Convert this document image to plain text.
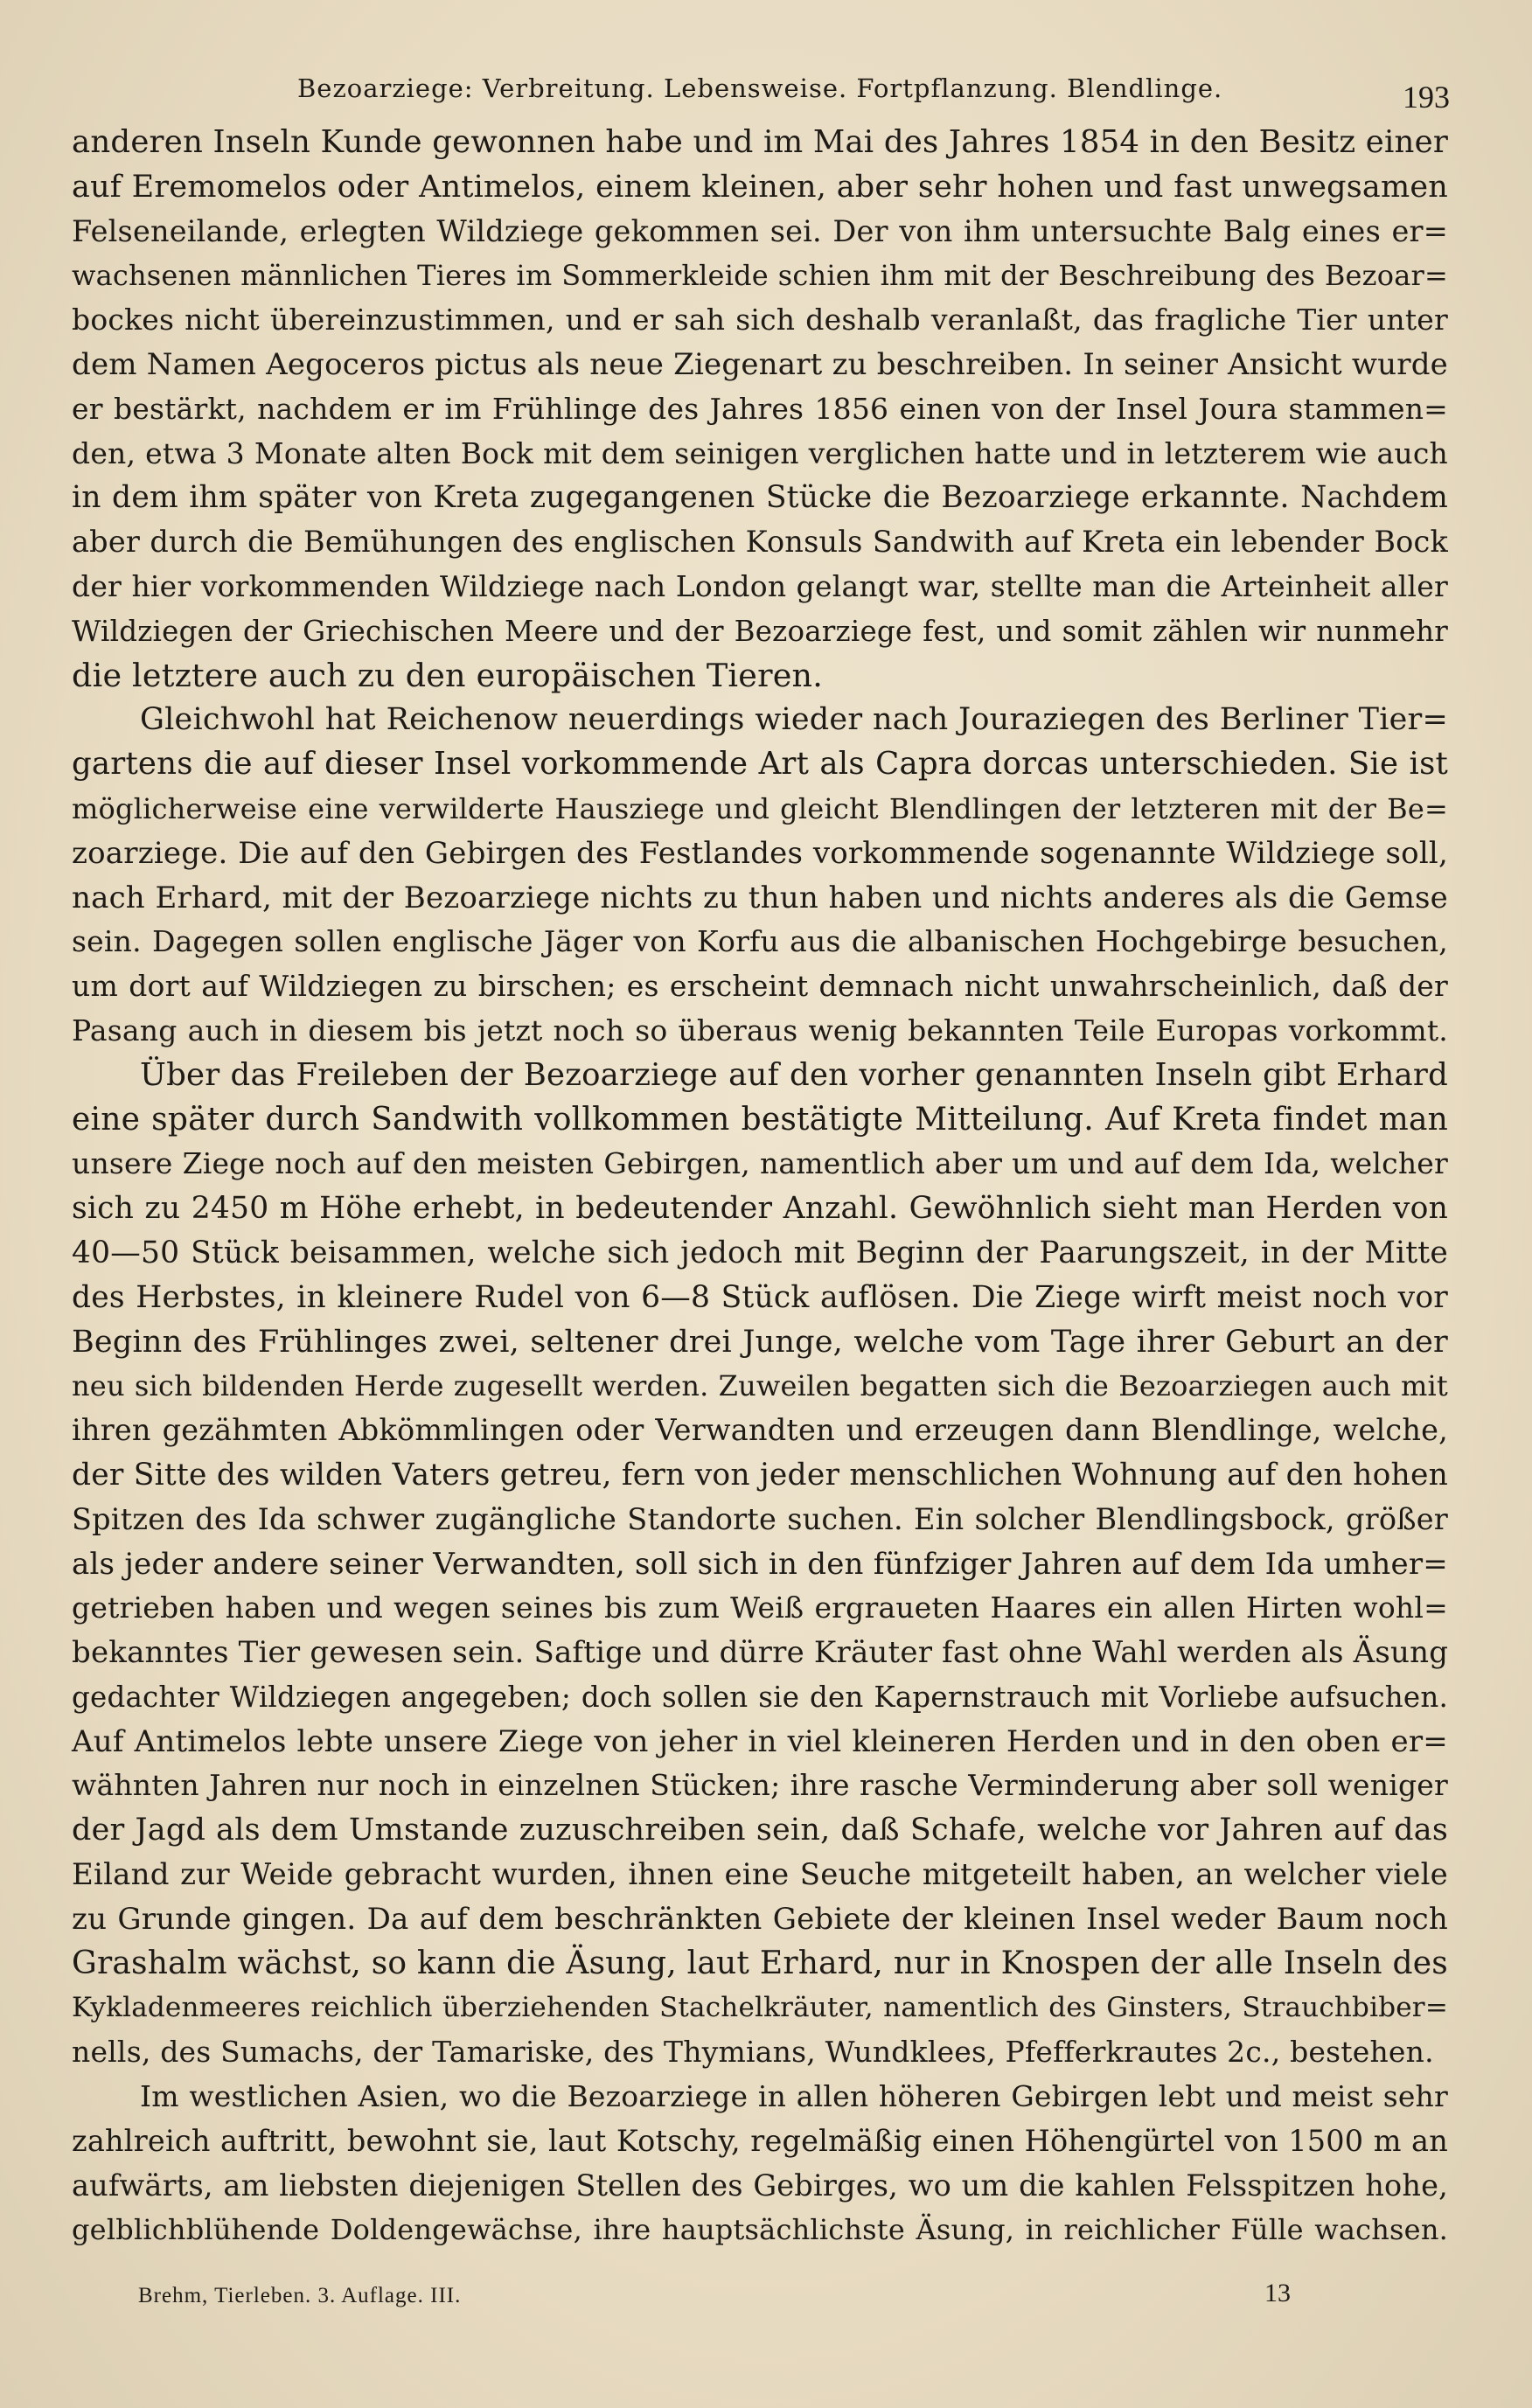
Bezoarziege: Verbreitung. Lebensweise. Fortpflanzung. Blendlinge.	193
anderen Inseln Kunde gewonnen habe und im Mai des Jahres 1854 in den Besitz einer
auf Eremomelos oder Antimelos, einem kleinen, aber sehr hohen und fast unwegsamen
Felseneilande, erlegten Wildziege gekommen sei. Der von ihm untersuchte Balg eines er=
wachsenen männlichen Tieres im Sommerkleide schien ihm mit der Beschreibung des Bezoar=
bockes nicht übereinzustimmen, und er sah sich deshalb veranlaßt, das fragliche Tier unter
dem Namen Aegoceros pictus als neue Ziegenart zu beschreiben. In seiner Ansicht wurde
er bestärkt, nachdem er im Frühlinge des Jahres 1856 einen von der Insel Joura stammen=
den, etwa 3 Monate alten Bock mit dem seinigen verglichen hatte und in letzterem wie auch
in dem ihm später von Kreta zugegangenen Stücke die Bezoarziege erkannte. Nachdem
aber durch die Bemühungen des englischen Konsuls Sandwith auf Kreta ein lebender Bock
der hier vorkommenden Wildziege nach London gelangt war, stellte man die Arteinheit aller
Wildziegen der Griechischen Meere und der Bezoarziege fest, und somit zählen wir nunmehr
die letztere auch zu den europäischen Tieren.
Gleichwohl hat Reichenow neuerdings wieder nach Jouraziegen des Berliner Tier=
gartens die auf dieser Insel vorkommende Art als Capra dorcas unterschieden. Sie ist
möglicherweise eine verwilderte Hausziege und gleicht Blendlingen der letzteren mit der Be=
zoarziege. Die auf den Gebirgen des Festlandes vorkommende sogenannte Wildziege soll,
nach Erhard, mit der Bezoarziege nichts zu thun haben und nichts anderes als die Gemse
sein. Dagegen sollen englische Jäger von Korfu aus die albanischen Hochgebirge besuchen,
um dort auf Wildziegen zu birschen; es erscheint demnach nicht unwahrscheinlich, daß der
Pasang auch in diesem bis jetzt noch so überaus wenig bekannten Teile Europas vorkommt.
Über das Freileben der Bezoarziege auf den vorher genannten Inseln gibt Erhard
eine später durch Sandwith vollkommen bestätigte Mitteilung. Auf Kreta findet man
unsere Ziege noch auf den meisten Gebirgen, namentlich aber um und auf dem Ida, welcher
sich zu 2450 m Höhe erhebt, in bedeutender Anzahl. Gewöhnlich sieht man Herden von
40—50 Stück beisammen, welche sich jedoch mit Beginn der Paarungszeit, in der Mitte
des Herbstes, in kleinere Rudel von 6—8 Stück auflösen. Die Ziege wirft meist noch vor
Beginn des Frühlinges zwei, seltener drei Junge, welche vom Tage ihrer Geburt an der
neu sich bildenden Herde zugesellt werden. Zuweilen begatten sich die Bezoarziegen auch mit
ihren gezähmten Abkömmlingen oder Verwandten und erzeugen dann Blendlinge, welche,
der Sitte des wilden Vaters getreu, fern von jeder menschlichen Wohnung auf den hohen
Spitzen des Ida schwer zugängliche Standorte suchen. Ein solcher Blendlingsbock, größer
als jeder andere seiner Verwandten, soll sich in den fünfziger Jahren auf dem Ida umher=
getrieben haben und wegen seines bis zum Weiß ergraueten Haares ein allen Hirten wohl=
bekanntes Tier gewesen sein. Saftige und dürre Kräuter fast ohne Wahl werden als Äsung
gedachter Wildziegen angegeben; doch sollen sie den Kapernstrauch mit Vorliebe aufsuchen.
Auf Antimelos lebte unsere Ziege von jeher in viel kleineren Herden und in den oben er=
wähnten Jahren nur noch in einzelnen Stücken; ihre rasche Verminderung aber soll weniger
der Jagd als dem Umstande zuzuschreiben sein, daß Schafe, welche vor Jahren auf das
Eiland zur Weide gebracht wurden, ihnen eine Seuche mitgeteilt haben, an welcher viele
zu Grunde gingen. Da auf dem beschränkten Gebiete der kleinen Insel weder Baum noch
Grashalm wächst, so kann die Äsung, laut Erhard, nur in Knospen der alle Inseln des
Kykladenmeeres reichlich überziehenden Stachelkräuter, namentlich des Ginsters, Strauchbiber=
nells, des Sumachs, der Tamariske, des Thymians, Wundklees, Pfefferkrautes 2c., bestehen.
Im westlichen Asien, wo die Bezoarziege in allen höheren Gebirgen lebt und meist sehr
zahlreich auftritt, bewohnt sie, laut Kotschy, regelmäßig einen Höhengürtel von 1500 m an
aufwärts, am liebsten diejenigen Stellen des Gebirges, wo um die kahlen Felsspitzen hohe,
gelblichblühende Doldengewächse, ihre hauptsächlichste Äsung, in reichlicher Fülle wachsen.
Brehm, Tierleben. 3. Auflage. III.	13
